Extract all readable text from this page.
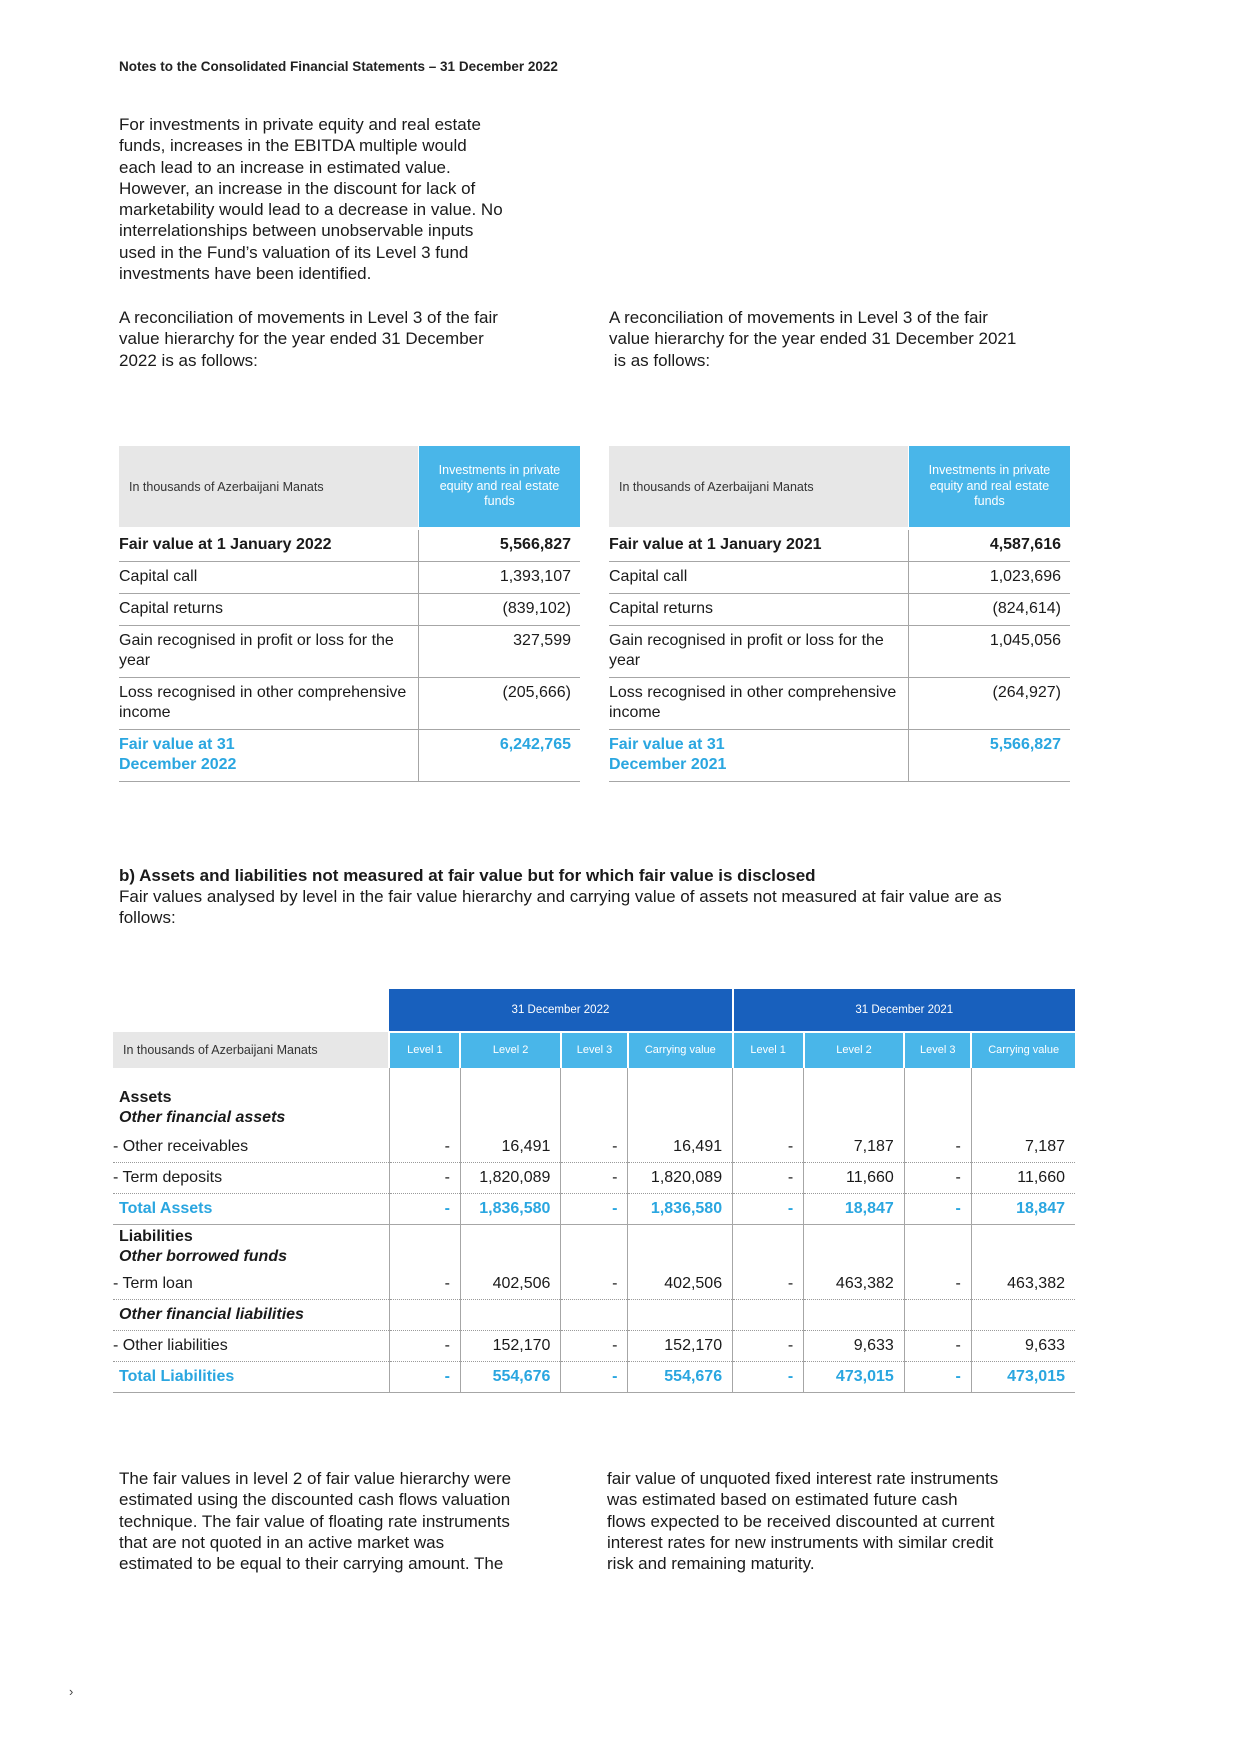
Notes to the Consolidated Financial Statements – 31 December 2022

For investments in private equity and real estate

funds, increases in the EBITDA multiple would

each lead to an increase in estimated value.

However, an increase in the discount for lack of

marketability would lead to a decrease in value. No

interrelationships between unobservable inputs

used in the Fund’s valuation of its Level 3 fund

investments have been identified.

A reconciliation of movements in Level 3 of the fair

value hierarchy for the year ended 31 December

2022 is as follows:

A reconciliation of movements in Level 3 of the fair

value hierarchy for the year ended 31 December 2021

is as follows:

In thousands of Azerbaijani Manats	Investments in private equity and real estate funds

Fair value at 1 January 2022	5,566,827
Capital call	1,393,107
Capital returns	(839,102)
Gain recognised in profit or loss for the year	327,599
Loss recognised in other comprehensive income	(205,666)
Fair value at 31 December 2022	6,242,765
In thousands of Azerbaijani Manats	Investments in private equity and real estate funds

Fair value at 1 January 2021	4,587,616
Capital call	1,023,696
Capital returns	(824,614)
Gain recognised in profit or loss for the year	1,045,056
Loss recognised in other comprehensive income	(264,927)
Fair value at 31 December 2021	5,566,827
b) Assets and liabilities not measured at fair value but for which fair value is disclosed
Fair values analysed by level in the fair value hierarchy and carrying value of assets not measured at fair value are as follows:
	31 December 2022				31 December 2021			
In thousands of Azerbaijani Manats	Level 1	Level 2	Level 3	Carrying value	Level 1	Level 2	Level 3	Carrying value

Assets
Other financial assets								

- Other receivables	-	16,491	-	16,491	-	7,187	-	7,187
- Term deposits	-	1,820,089	-	1,820,089	-	11,660	-	11,660
Total Assets	-	1,836,580	-	1,836,580	-	18,847	-	18,847

Liabilities
Other borrowed funds
- Term loan	-	402,506	-	402,506	-	463,382	-	463,382
Other financial liabilities								
- Other liabilities	-	152,170	-	152,170	-	9,633	-	9,633
Total Liabilities	-	554,676	-	554,676	-	473,015	-	473,015

The fair values in level 2 of fair value hierarchy were

estimated using the discounted cash flows valuation

technique. The fair value of floating rate instruments

that are not quoted in an active market was

estimated to be equal to their carrying amount. The

fair value of unquoted fixed interest rate instruments

was estimated based on estimated future cash

flows expected to be received discounted at current

interest rates for new instruments with similar credit

risk and remaining maturity.

›
